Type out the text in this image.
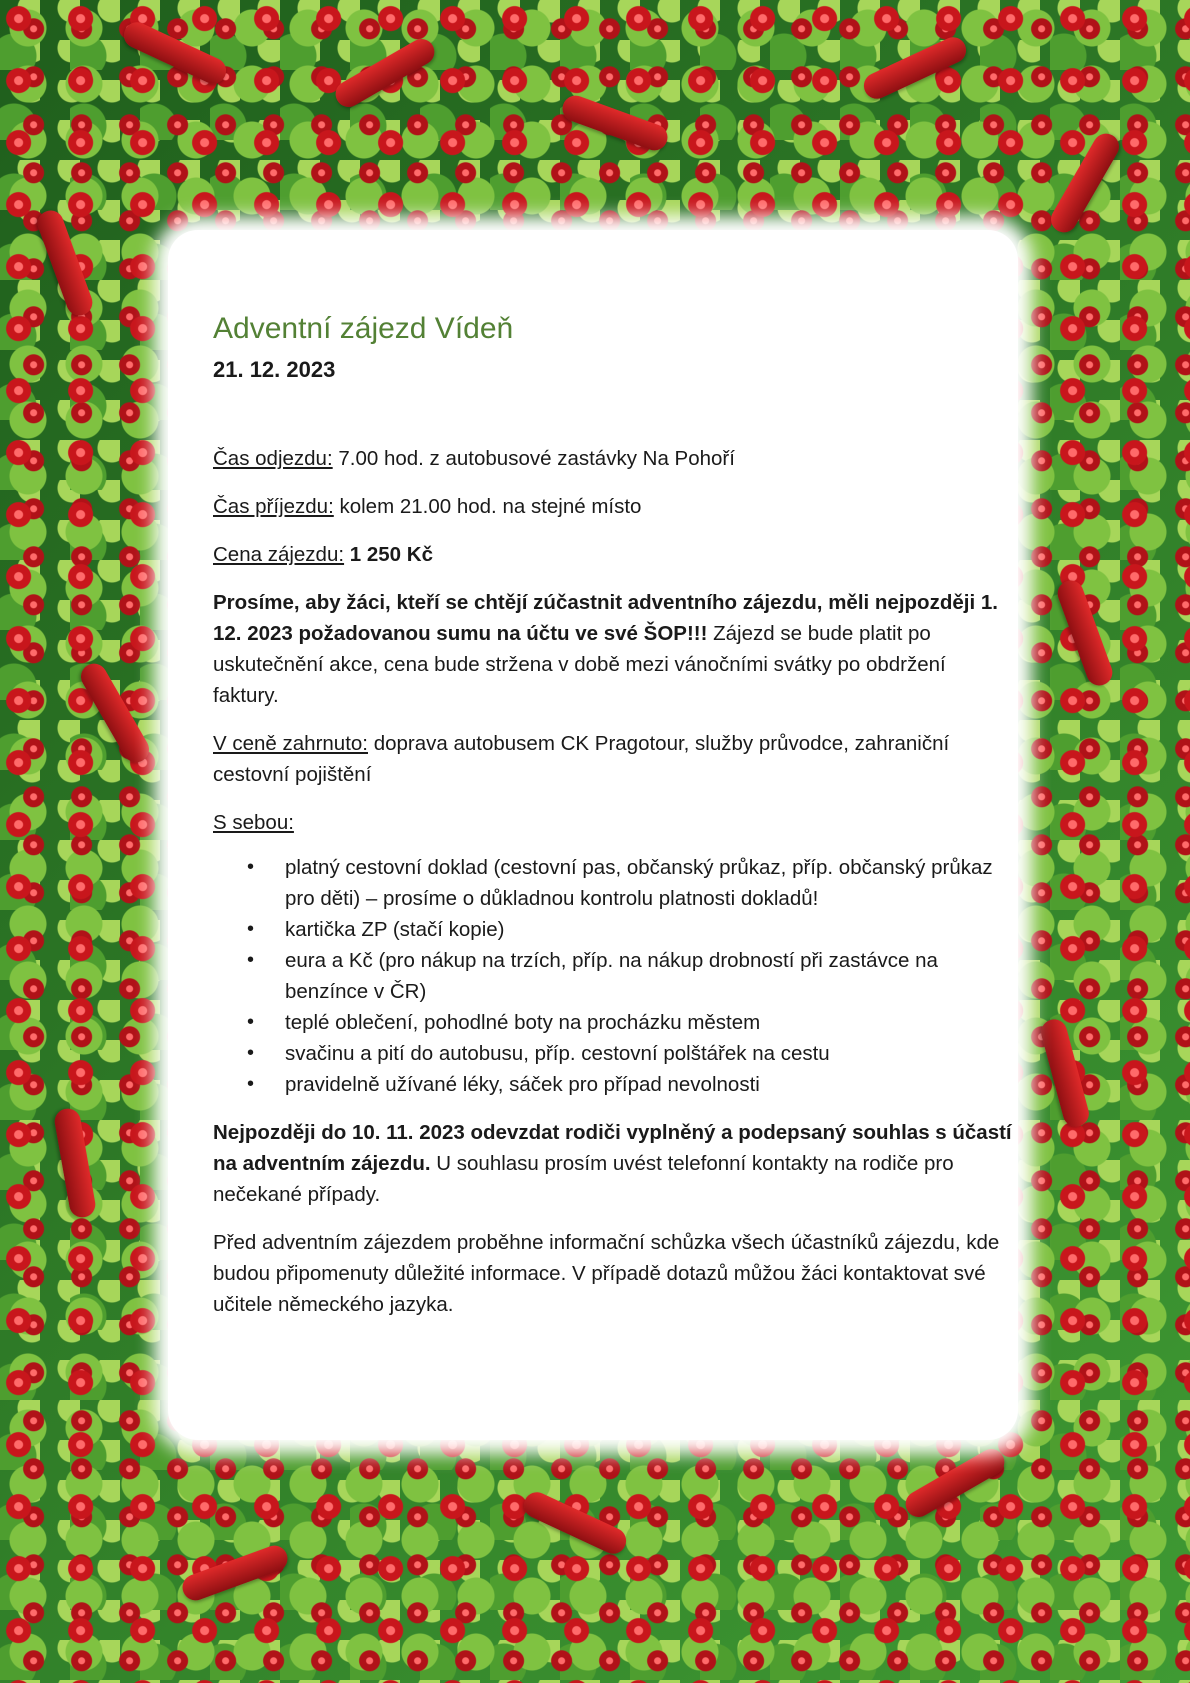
Adventní zájezd Vídeň

21. 12. 2023

Čas odjezdu: 7.00 hod. z autobusové zastávky Na Pohoří

Čas příjezdu: kolem 21.00 hod. na stejné místo

Cena zájezdu: 1 250 Kč

Prosíme, aby žáci, kteří se chtějí zúčastnit adventního zájezdu, měli nejpozději 1. 12. 2023 požadovanou sumu na účtu ve své ŠOP!!! Zájezd se bude platit po uskutečnění akce, cena bude stržena v době mezi vánočními svátky po obdržení faktury.

V ceně zahrnuto: doprava autobusem CK Pragotour, služby průvodce, zahraniční cestovní pojištění

S sebou:

• platný cestovní doklad (cestovní pas, občanský průkaz, příp. občanský průkaz pro děti) – prosíme o důkladnou kontrolu platnosti dokladů!
• kartička ZP (stačí kopie)
• eura a Kč (pro nákup na trzích, příp. na nákup drobností při zastávce na benzínce v ČR)
• teplé oblečení, pohodlné boty na procházku městem
• svačinu a pití do autobusu, příp. cestovní polštářek na cestu
• pravidelně užívané léky, sáček pro případ nevolnosti

Nejpozději do 10. 11. 2023 odevzdat rodiči vyplněný a podepsaný souhlas s účastí na adventním zájezdu. U souhlasu prosím uvést telefonní kontakty na rodiče pro nečekané případy.

Před adventním zájezdem proběhne informační schůzka všech účastníků zájezdu, kde budou připomenuty důležité informace. V případě dotazů můžou žáci kontaktovat své učitele německého jazyka.
